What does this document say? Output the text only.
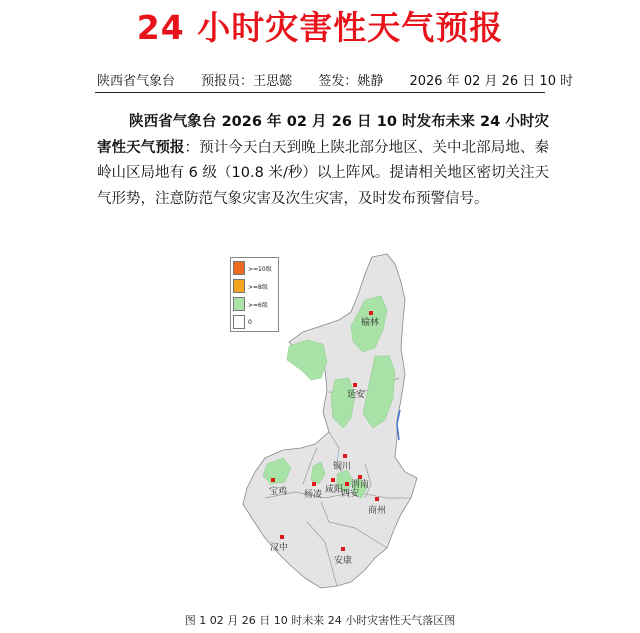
24 小时灾害性天气预报
陕西省气象台 预报员：王思懿 签发：姚静 2026 年 02 月 26 日 10 时
陕西省气象台 2026 年 02 月 26 日 10 时发布未来 24 小时灾害性天气预报：预计今天白天到晚上陕北部分地区、关中北部局地、秦岭山区局地有 6 级（10.8 米/秒）以上阵风。提请相关地区密切关注天气形势，注意防范气象灾害及次生灾害，及时发布预警信号。
>=10级
>=8级
>=6级
0	榆林
延安
铜川
宝鸡 杨凌 咸阳
西安
渭南
商州
汉中
安康
图 1 02 月 26 日 10 时未来 24 小时灾害性天气落区图
